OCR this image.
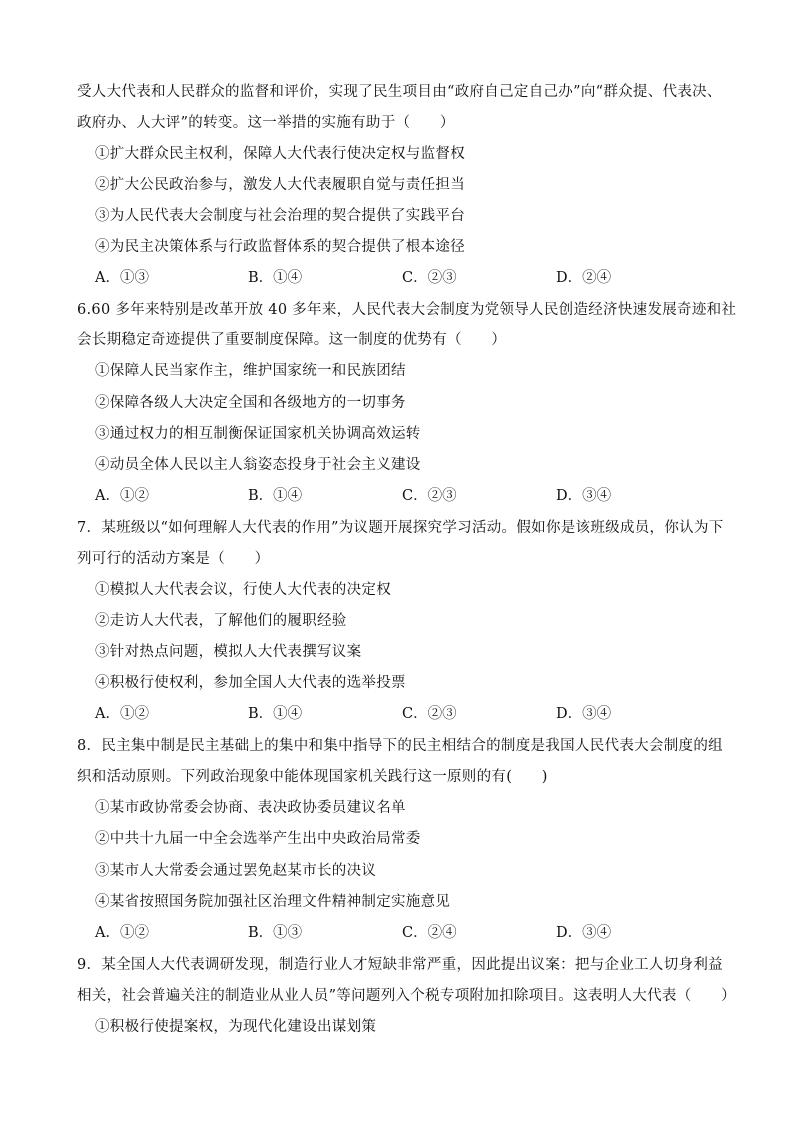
受人大代表和人民群众的监督和评价，实现了民生项目由“政府自己定自己办”向“群众提、代表决、
政府办、人大评”的转变。这一举措的实施有助于（　　）
①扩大群众民主权利，保障人大代表行使决定权与监督权
②扩大公民政治参与，激发人大代表履职自觉与责任担当
③为人民代表大会制度与社会治理的契合提供了实践平台
④为民主决策体系与行政监督体系的契合提供了根本途径
A．①③	B．①④	C．②③	D．②④
6.60 多年来特别是改革开放 40 多年来，人民代表大会制度为党领导人民创造经济快速发展奇迹和社
会长期稳定奇迹提供了重要制度保障。这一制度的优势有（　　）
①保障人民当家作主，维护国家统一和民族团结
②保障各级人大决定全国和各级地方的一切事务
③通过权力的相互制衡保证国家机关协调高效运转
④动员全体人民以主人翁姿态投身于社会主义建设
A．①②	B．①④	C．②③	D．③④
7．某班级以“如何理解人大代表的作用”为议题开展探究学习活动。假如你是该班级成员，你认为下
列可行的活动方案是（　　）
①模拟人大代表会议，行使人大代表的决定权
②走访人大代表，了解他们的履职经验
③针对热点问题，模拟人大代表撰写议案
④积极行使权利，参加全国人大代表的选举投票
A．①②	B．①④	C．②③	D．③④
8．民主集中制是民主基础上的集中和集中指导下的民主相结合的制度是我国人民代表大会制度的组
织和活动原则。下列政治现象中能体现国家机关践行这一原则的有(　　)
①某市政协常委会协商、表决政协委员建议名单
②中共十九届一中全会选举产生出中央政治局常委
③某市人大常委会通过罢免赵某市长的决议
④某省按照国务院加强社区治理文件精神制定实施意见
A．①②	B．①③	C．②④	D．③④
9．某全国人大代表调研发现，制造行业人才短缺非常严重，因此提出议案：把与企业工人切身利益
相关，社会普遍关注的制造业从业人员”等问题列入个税专项附加扣除项目。这表明人大代表（　　）
①积极行使提案权，为现代化建设出谋划策
